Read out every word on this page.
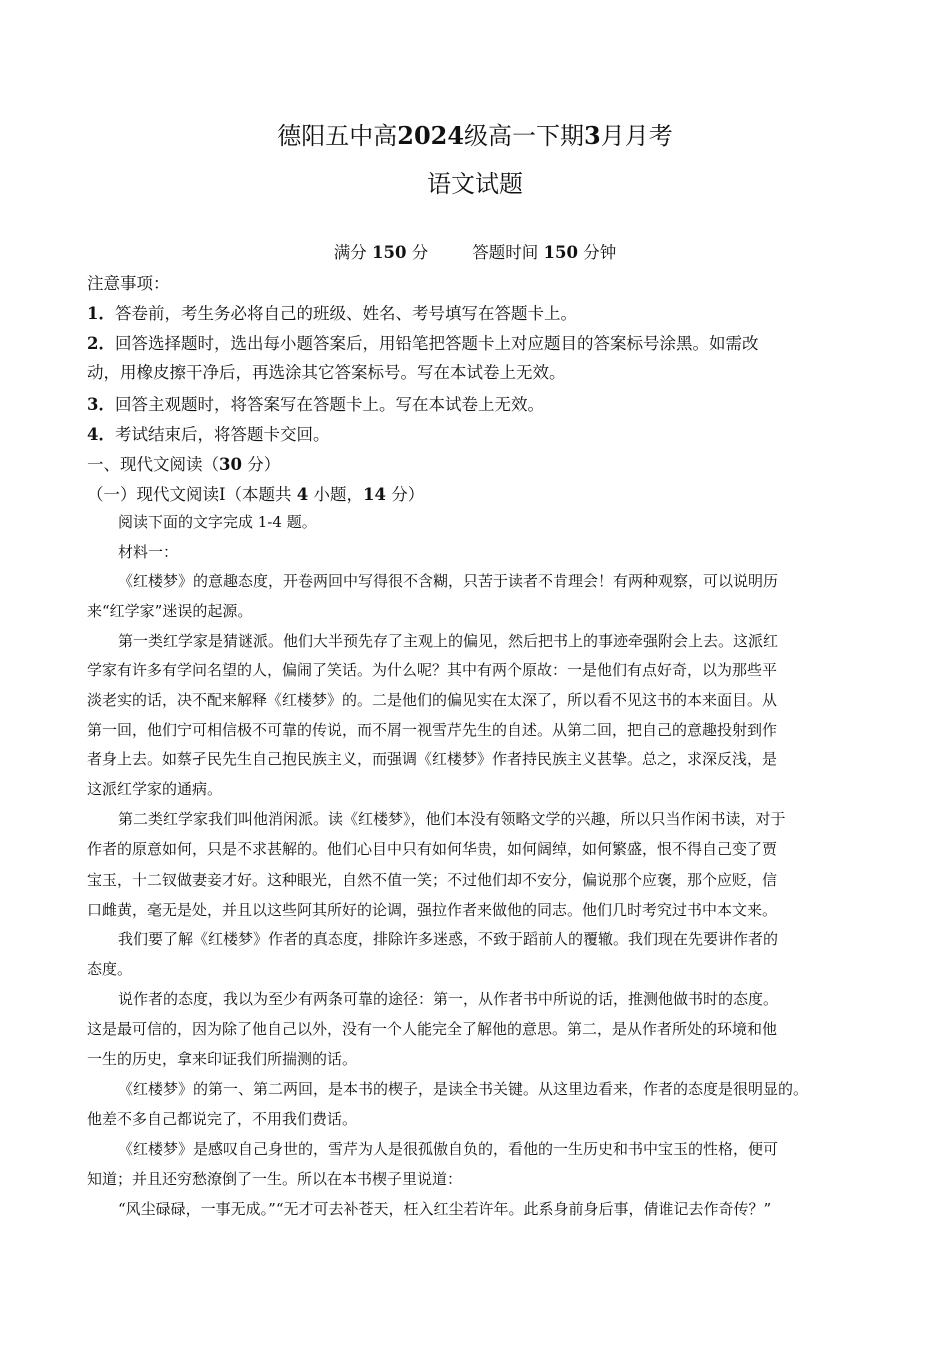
德阳五中高2024级高一下期3月月考
语文试题
满分 150 分	答题时间 150 分钟
注意事项：
1．答卷前，考生务必将自己的班级、姓名、考号填写在答题卡上。
2．回答选择题时，选出每小题答案后，用铅笔把答题卡上对应题目的答案标号涂黑。如需改
动，用橡皮擦干净后，再选涂其它答案标号。写在本试卷上无效。
3．回答主观题时，将答案写在答题卡上。写在本试卷上无效。
4．考试结束后，将答题卡交回。
一、现代文阅读（30 分）
（一）现代文阅读Ⅰ（本题共 4 小题，14 分）
阅读下面的文字完成 1-4 题。
材料一：
《红楼梦》的意趣态度，开卷两回中写得很不含糊，只苦于读者不肯理会！有两种观察，可以说明历
来“红学家”迷误的起源。
第一类红学家是猜谜派。他们大半预先存了主观上的偏见，然后把书上的事迹牵强附会上去。这派红
学家有许多有学问名望的人，偏闹了笑话。为什么呢？其中有两个原故：一是他们有点好奇，以为那些平
淡老实的话，决不配来解释《红楼梦》的。二是他们的偏见实在太深了，所以看不见这书的本来面目。从
第一回，他们宁可相信极不可靠的传说，而不屑一视雪芹先生的自述。从第二回，把自己的意趣投射到作
者身上去。如蔡孑民先生自己抱民族主义，而强调《红楼梦》作者持民族主义甚挚。总之，求深反浅，是
这派红学家的通病。
第二类红学家我们叫他消闲派。读《红楼梦》，他们本没有领略文学的兴趣，所以只当作闲书读，对于
作者的原意如何，只是不求甚解的。他们心目中只有如何华贵，如何阔绰，如何繁盛，恨不得自己变了贾
宝玉，十二钗做妻妾才好。这种眼光，自然不值一笑；不过他们却不安分，偏说那个应褒，那个应贬，信
口雌黄，毫无是处，并且以这些阿其所好的论调，强拉作者来做他的同志。他们几时考究过书中本文来。
我们要了解《红楼梦》作者的真态度，排除许多迷惑，不致于蹈前人的覆辙。我们现在先要讲作者的
态度。
说作者的态度，我以为至少有两条可靠的途径：第一，从作者书中所说的话，推测他做书时的态度。
这是最可信的，因为除了他自己以外，没有一个人能完全了解他的意思。第二，是从作者所处的环境和他
一生的历史，拿来印证我们所揣测的话。
《红楼梦》的第一、第二两回，是本书的楔子，是读全书关键。从这里边看来，作者的态度是很明显的。
他差不多自己都说完了，不用我们费话。
《红楼梦》是感叹自己身世的，雪芹为人是很孤傲自负的，看他的一生历史和书中宝玉的性格，便可
知道；并且还穷愁潦倒了一生。所以在本书楔子里说道：
“风尘碌碌，一事无成。”“无才可去补苍天，枉入红尘若许年。此系身前身后事，倩谁记去作奇传？”
